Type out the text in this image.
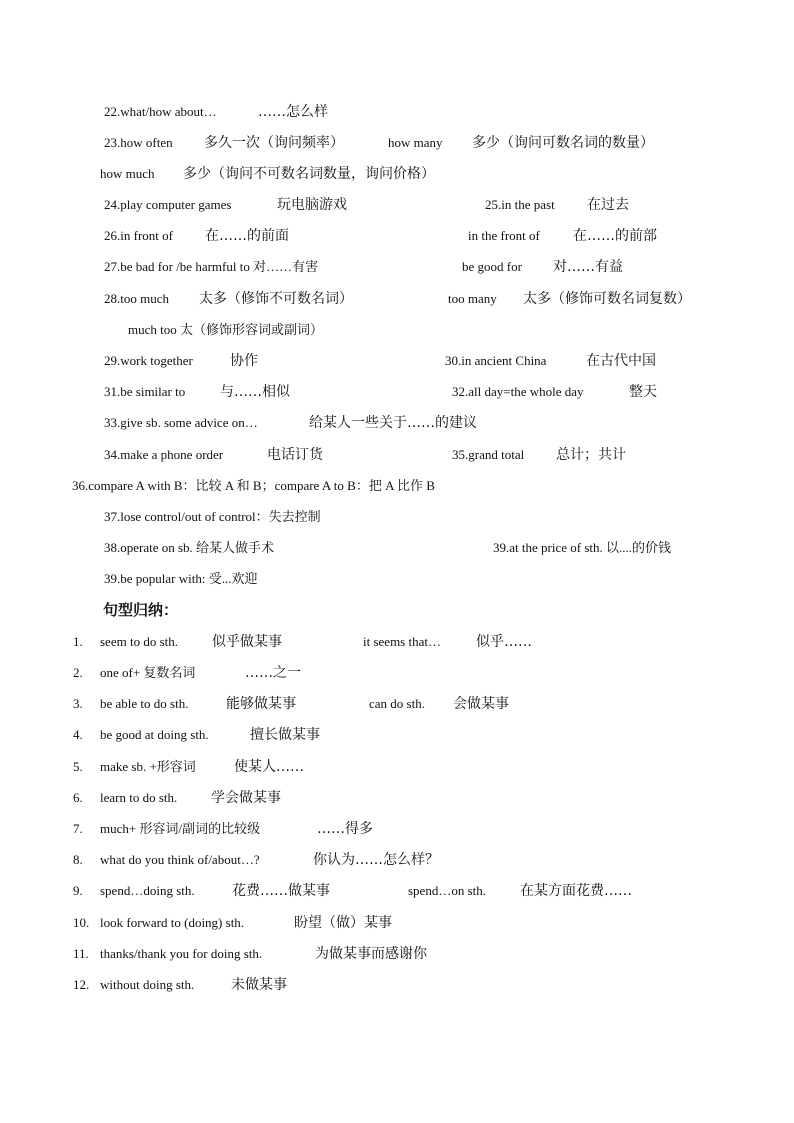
22.what/how about…	……怎么样
23.how often 多久一次（询问频率）	how many 多少（询问可数名词的数量）
how much 多少（询问不可数名词数量，询问价格）
24.play computer games	玩电脑游戏	25.in the past 在过去
26.in front of 在……的前面	in the front of 在……的前部
27.be bad for /be harmful to 对……有害	be good for 对……有益
28.too much 太多（修饰不可数名词）	too many 太多（修饰可数名词复数）
much too 太（修饰形容词或副词）
29.work together	协作	30.in ancient China	在古代中国
31.be similar to 与……相似	32.all day=the whole day	整天
33.give sb. some advice on…	给某人一些关于……的建议
34.make a phone order	电话订货	35.grand total 总计；共计
36.compare A with B：比较 A 和 B；compare A to B：把 A 比作 B
37.lose control/out of control：失去控制
38.operate on sb. 给某人做手术	39.at the price of sth. 以....的价钱
39.be popular with: 受...欢迎
句型归纳：
1. seem to do sth. 似乎做某事	it seems that…	似乎……
2. one of+ 复数名词	……之一
3. be able to do sth.	能够做某事	can do sth. 会做某事
4. be good at doing sth.	擅长做某事
5. make sb. +形容词	使某人……
6. learn to do sth. 学会做某事
7. much+ 形容词/副词的比较级	……得多
8. what do you think of/about…?	你认为……怎么样？
9. spend…doing sth.	花费……做某事	spend…on sth. 在某方面花费……
10. look forward to (doing) sth.	盼望（做）某事
11. thanks/thank you for doing sth.	为做某事而感谢你
12. without doing sth.	未做某事
